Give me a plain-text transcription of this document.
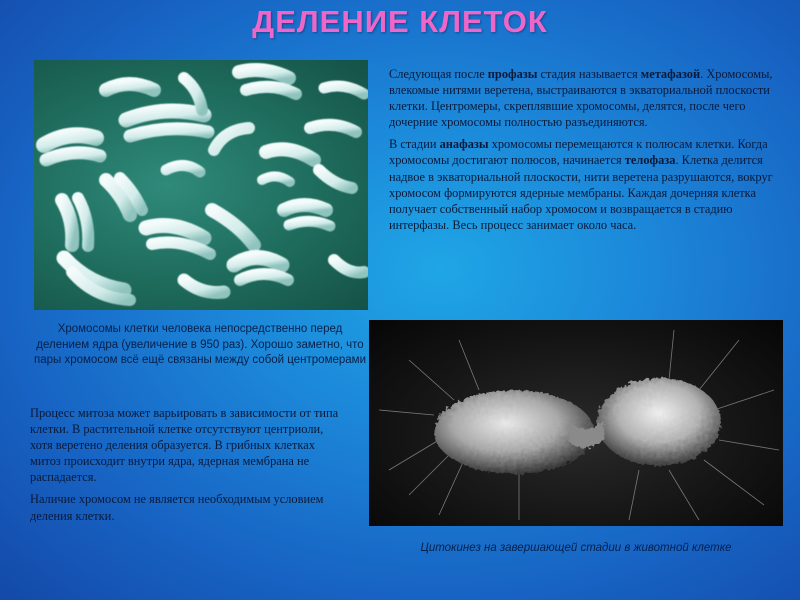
ДЕЛЕНИЕ КЛЕТОК

Хромосомы клетки человека непосредственно перед делением ядра (увеличение в 950 раз). Хорошо заметно, что пары хромосом всё ещё связаны между собой центромерами

Следующая после профазы стадия называется метафазой. Хромосомы, влекомые нитями веретена, выстраиваются в экваториальной плоскости клетки. Центромеры, скреплявшие хромосомы, делятся, после чего дочерние хромосомы полностью разъединяются.

В стадии анафазы хромосомы перемещаются к полюсам клетки. Когда хромосомы достигают полюсов, начинается телофаза. Клетка делится надвое в экваториальной плоскости, нити веретена разрушаются, вокруг хромосом формируются ядерные мембраны. Каждая дочерняя клетка получает собственный набор хромосом и возвращается в стадию интерфазы. Весь процесс занимает около часа.

Процесс митоза может варьировать в зависимости от типа клетки. В растительной клетке отсутствуют центриоли, хотя веретено деления образуется. В грибных клетках митоз происходит внутри ядра, ядерная мембрана не распадается.

Наличие хромосом не является необходимым условием деления клетки.

Цитокинез на завершающей стадии в животной клетке
